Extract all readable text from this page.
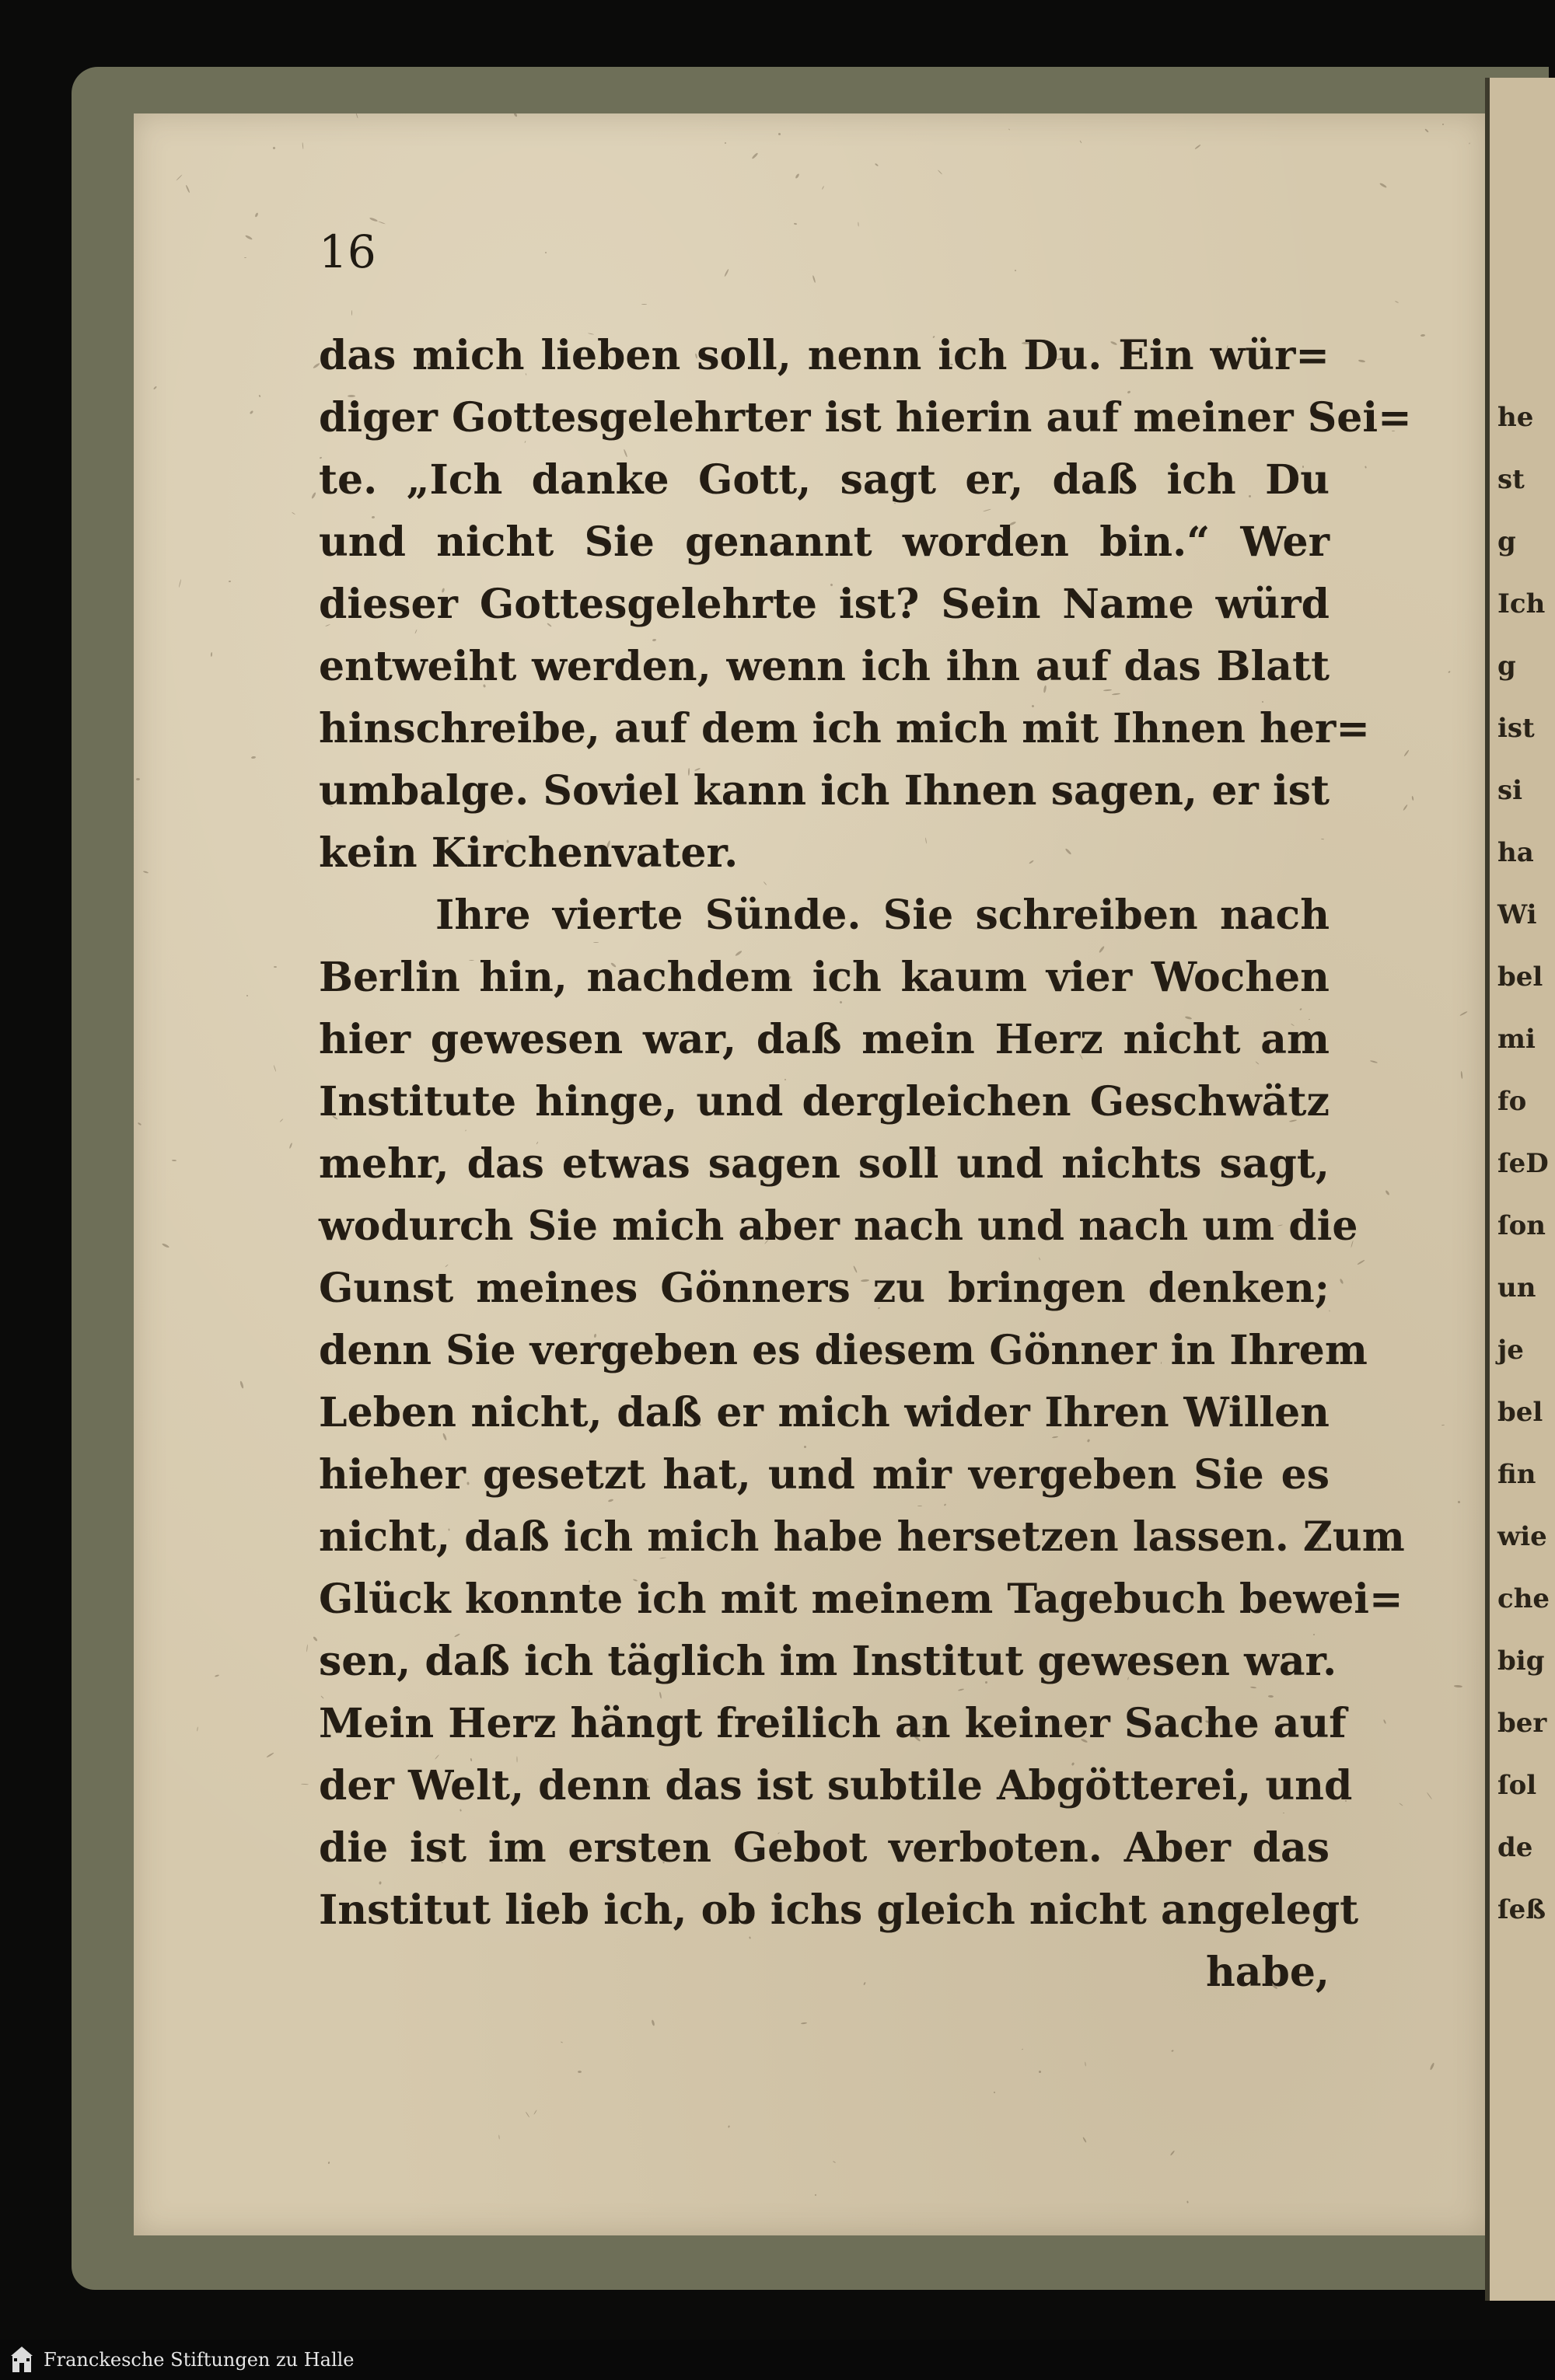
he
st
g
Ich
g
ist
si
ha
Wi
bel
mi
fo
ſeD
ſon
un
je
bel
fin
wie
che
big
ber
ſol
de
ſeß
16
das mich lieben soll, nenn ich Du. Ein wür=
diger Gottesgelehrter ist hierin auf meiner Sei=
te. „Ich danke Gott, sagt er, daß ich Du
und nicht Sie genannt worden bin.“ Wer
dieser Gottesgelehrte ist? Sein Name würd
entweiht werden, wenn ich ihn auf das Blatt
hinschreibe, auf dem ich mich mit Ihnen her=
umbalge. Soviel kann ich Ihnen sagen, er ist
kein Kirchenvater.
Ihre vierte Sünde. Sie schreiben nach
Berlin hin, nachdem ich kaum vier Wochen
hier gewesen war, daß mein Herz nicht am
Institute hinge, und dergleichen Geschwätz
mehr, das etwas sagen soll und nichts sagt,
wodurch Sie mich aber nach und nach um die
Gunst meines Gönners zu bringen denken;
denn Sie vergeben es diesem Gönner in Ihrem
Leben nicht, daß er mich wider Ihren Willen
hieher gesetzt hat, und mir vergeben Sie es
nicht, daß ich mich habe hersetzen lassen. Zum
Glück konnte ich mit meinem Tagebuch bewei=
sen, daß ich täglich im Institut gewesen war.
Mein Herz hängt freilich an keiner Sache auf
der Welt, denn das ist subtile Abgötterei, und
die ist im ersten Gebot verboten. Aber das
Institut lieb ich, ob ichs gleich nicht angelegt
habe,
Franckesche Stiftungen zu Halle
